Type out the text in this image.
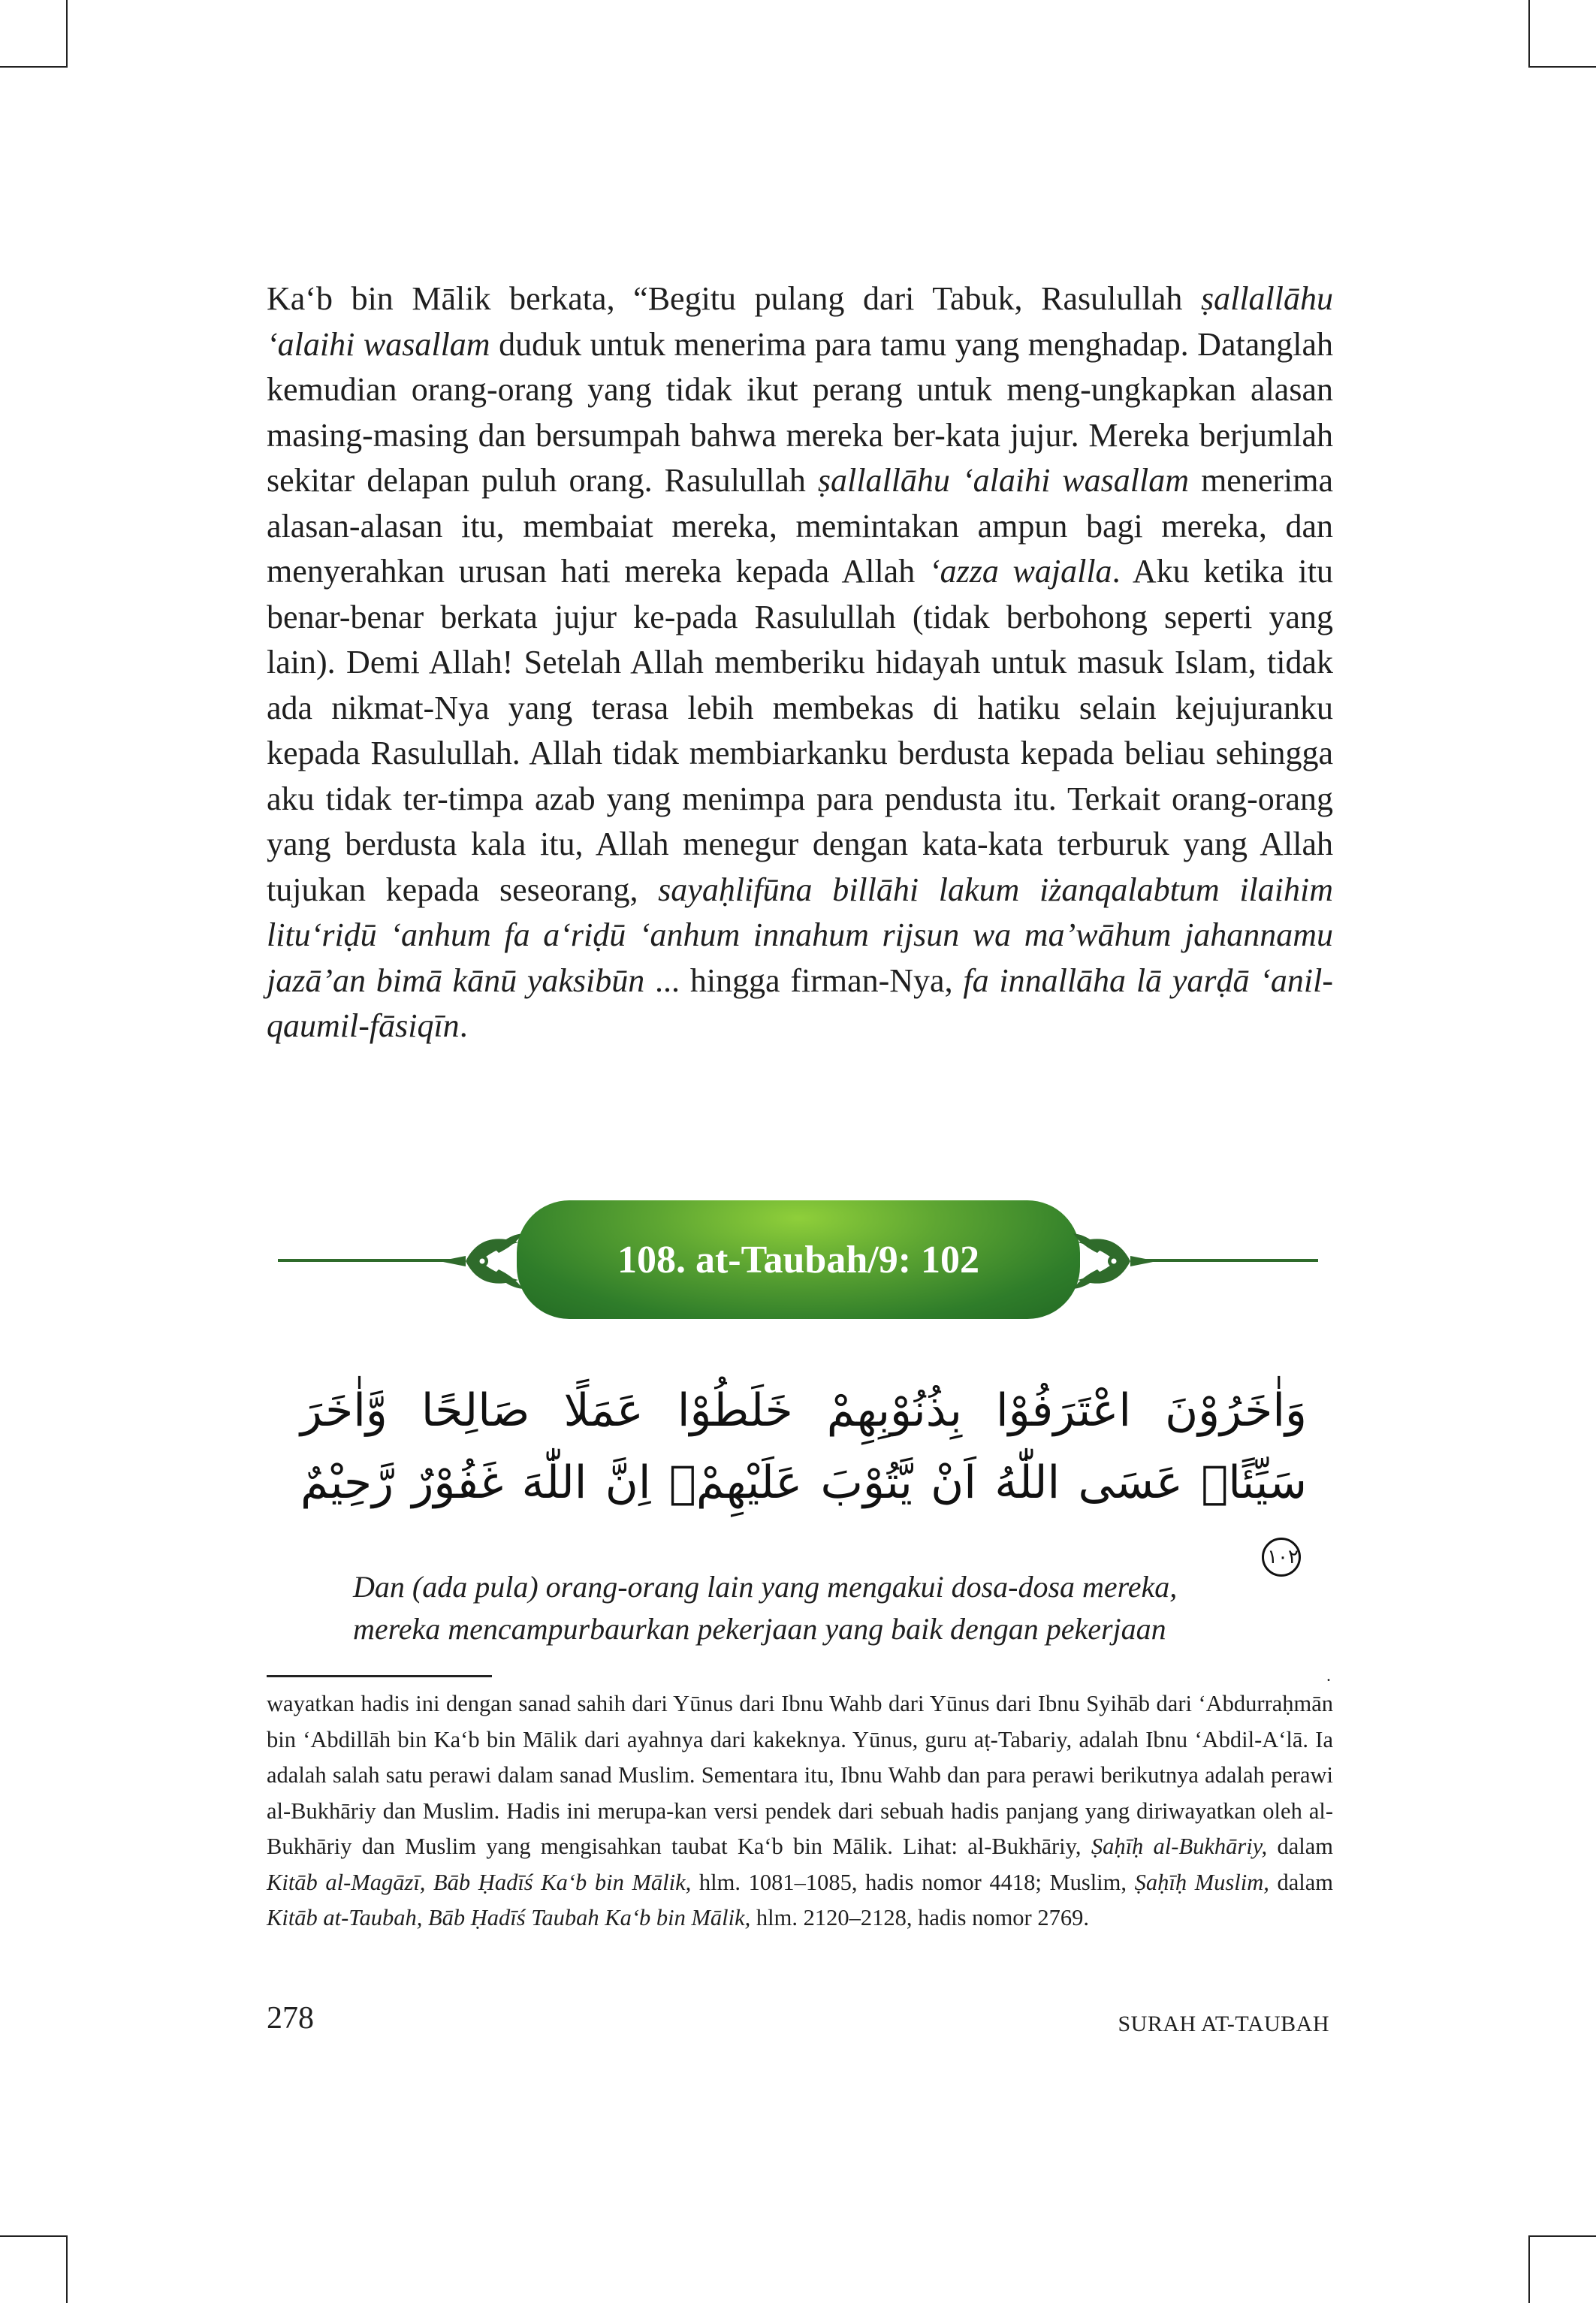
Ka‘b bin Mālik berkata, “Begitu pulang dari Tabuk, Rasulullah ṣallallāhu ‘alaihi wasallam duduk untuk menerima para tamu yang menghadap. Datanglah kemudian orang-orang yang tidak ikut perang untuk meng-ungkapkan alasan masing-masing dan bersumpah bahwa mereka ber-kata jujur. Mereka berjumlah sekitar delapan puluh orang. Rasulullah ṣallallāhu ‘alaihi wasallam menerima alasan-alasan itu, membaiat mereka, memintakan ampun bagi mereka, dan menyerahkan urusan hati mereka kepada Allah ‘azza wajalla. Aku ketika itu benar-benar berkata jujur ke-pada Rasulullah (tidak berbohong seperti yang lain). Demi Allah! Setelah Allah memberiku hidayah untuk masuk Islam, tidak ada nikmat-Nya yang terasa lebih membekas di hatiku selain kejujuranku kepada Rasulullah. Allah tidak membiarkanku berdusta kepada beliau sehingga aku tidak ter-timpa azab yang menimpa para pendusta itu. Terkait orang-orang yang berdusta kala itu, Allah menegur dengan kata-kata terburuk yang Allah tujukan kepada seseorang, sayaḥlifūna billāhi lakum iżanqalabtum ilaihim litu‘riḍū ‘anhum fa a‘riḍū ‘anhum innahum rijsun wa ma’wāhum jahannamu jazā’an bimā kānū yaksibūn ... hingga firman-Nya, fa innallāha lā yarḍā ‘anil-qaumil-fāsiqīn.

108. at-Taubah/9: 102
وَاٰخَرُوْنَ اعْتَرَفُوْا بِذُنُوْبِهِمْ خَلَطُوْا عَمَلًا صَالِحًا وَّاٰخَرَ سَيِّئًاۗ عَسَى اللّٰهُ اَنْ يَّتُوْبَ عَلَيْهِمْۗ اِنَّ اللّٰهَ غَفُوْرٌ رَّحِيْمٌ ١٠٢
Dan (ada pula) orang-orang lain yang mengakui dosa-dosa mereka,
mereka mencampurbaurkan pekerjaan yang baik dengan pekerjaan
.

wayatkan hadis ini dengan sanad sahih dari Yūnus dari Ibnu Wahb dari Yūnus dari Ibnu Syihāb dari ‘Abdurraḥmān bin ‘Abdillāh bin Ka‘b bin Mālik dari ayahnya dari kakeknya. Yūnus, guru aṭ-Tabariy, adalah Ibnu ‘Abdil-A‘lā. Ia adalah salah satu perawi dalam sanad Muslim. Sementara itu, Ibnu Wahb dan para perawi berikutnya adalah perawi al-Bukhāriy dan Muslim. Hadis ini merupa-kan versi pendek dari sebuah hadis panjang yang diriwayatkan oleh al-Bukhāriy dan Muslim yang mengisahkan taubat Ka‘b bin Mālik. Lihat: al-Bukhāriy, Ṣaḥīḥ al-Bukhāriy, dalam Kitāb al-Magāzī, Bāb Ḥadīś Ka‘b bin Mālik, hlm. 1081–1085, hadis nomor 4418; Muslim, Ṣaḥīḥ Muslim, dalam Kitāb at-Taubah, Bāb Ḥadīś Taubah Ka‘b bin Mālik, hlm. 2120–2128, hadis nomor 2769.

278	SURAH AT-TAUBAH
